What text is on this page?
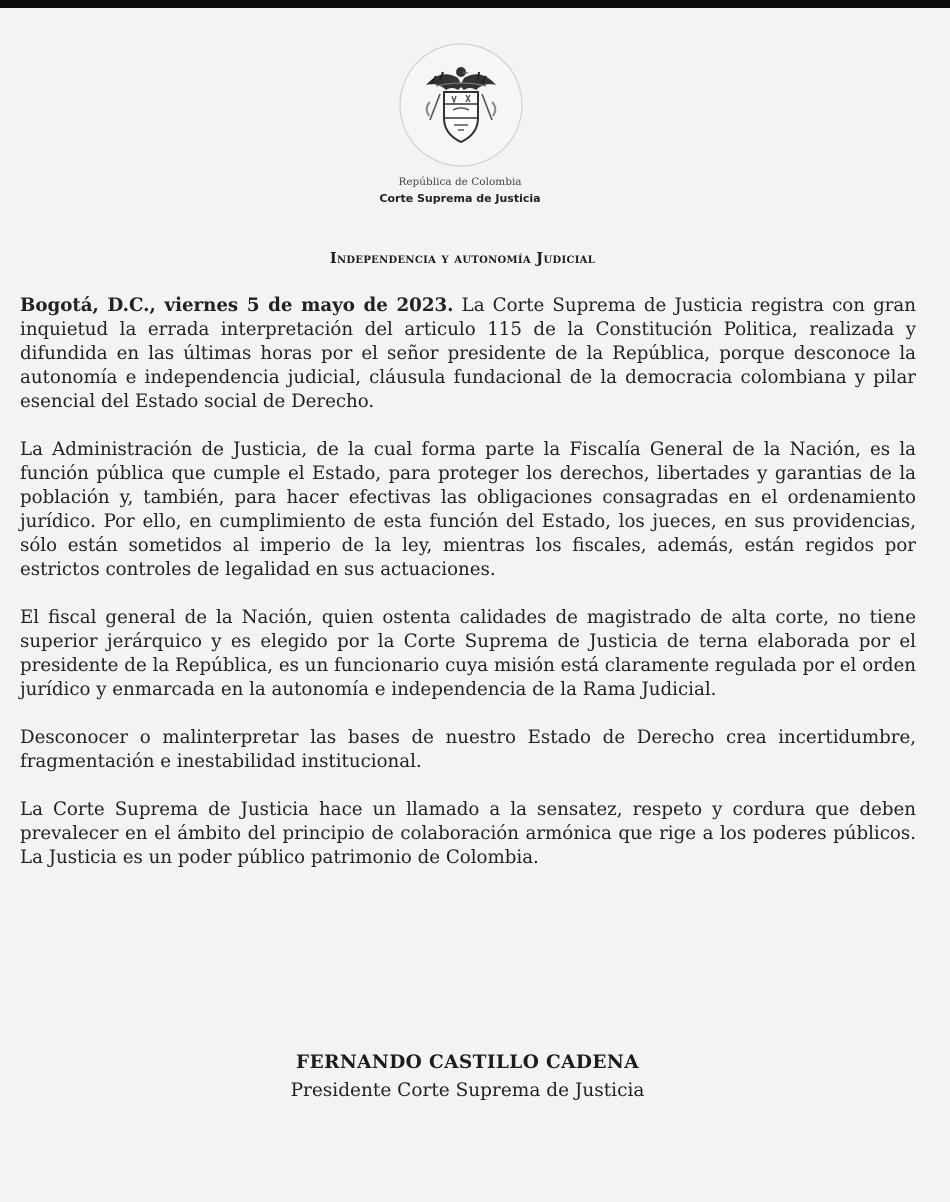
República de Colombia
Corte Suprema de Justicia
Independencia y autonomía Judicial

Bogotá, D.C., viernes 5 de mayo de 2023. La Corte Suprema de Justicia registra con gran inquietud la errada interpretación del articulo 115 de la Constitución Politica, realizada y difundida en las últimas horas por el señor presidente de la República, porque desconoce la autonomía e independencia judicial, cláusula fundacional de la democracia colombiana y pilar esencial del Estado social de Derecho.

La Administración de Justicia, de la cual forma parte la Fiscalía General de la Nación, es la función pública que cumple el Estado, para proteger los derechos, libertades y garantias de la población y, también, para hacer efectivas las obligaciones consagradas en el ordenamiento jurídico. Por ello, en cumplimiento de esta función del Estado, los jueces, en sus providencias, sólo están sometidos al imperio de la ley, mientras los fiscales, además, están regidos por estrictos controles de legalidad en sus actuaciones.

El fiscal general de la Nación, quien ostenta calidades de magistrado de alta corte, no tiene superior jerárquico y es elegido por la Corte Suprema de Justicia de terna elaborada por el presidente de la República, es un funcionario cuya misión está claramente regulada por el orden jurídico y enmarcada en la autonomía e independencia de la Rama Judicial.

Desconocer o malinterpretar las bases de nuestro Estado de Derecho crea incertidumbre, fragmentación e inestabilidad institucional.

La Corte Suprema de Justicia hace un llamado a la sensatez, respeto y cordura que deben prevalecer en el ámbito del principio de colaboración armónica que rige a los poderes públicos. La Justicia es un poder público patrimonio de Colombia.

FERNANDO CASTILLO CADENA
Presidente Corte Suprema de Justicia
